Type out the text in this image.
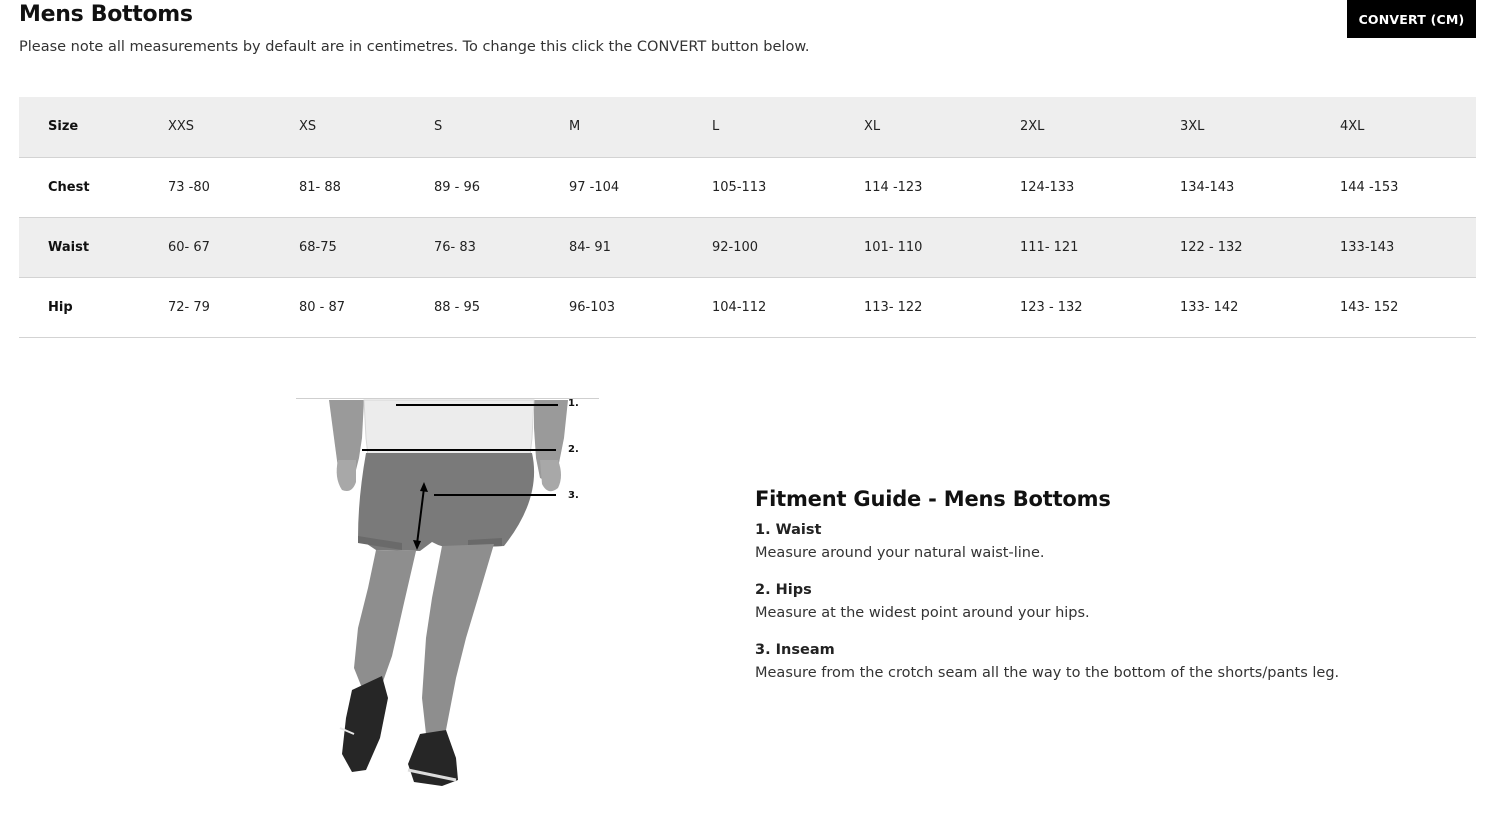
Mens Bottoms

Please note all measurements by default are in centimetres. To change this click the CONVERT button below.

CONVERT (CM)
Size	XXS	XS	S	M	L	XL	2XL	3XL	4XL
Chest	73 -80	81- 88	89 - 96	97 -104	105-113	114 -123	124-133	134-143	144 -153
Waist	60- 67	68-75	76- 83	84- 91	92-100	101- 110	111- 121	122 - 132	133-143
Hip	72- 79	80 - 87	88 - 95	96-103	104-112	113- 122	123 - 132	133- 142	143- 152
1.
2.
3.	Fitment Guide - Mens Bottoms

1. Waist

Measure around your natural waist-line.

2. Hips

Measure at the widest point around your hips.

3. Inseam

Measure from the crotch seam all the way to the bottom of the shorts/pants leg.
